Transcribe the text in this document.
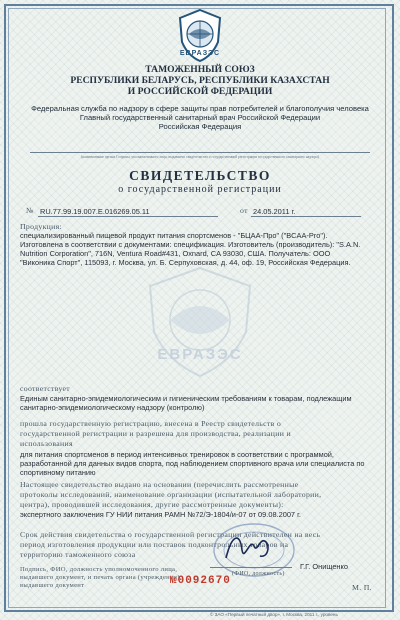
ЕВРАЗЭС
ТАМОЖЕННЫЙ СОЮЗ
РЕСПУБЛИКИ БЕЛАРУСЬ, РЕСПУБЛИКИ КАЗАХСТАН
И РОССИЙСКОЙ ФЕДЕРАЦИИ
Федеральная служба по надзору в сфере защиты прав потребителей и благополучия человека
Главный государственный санитарный врач Российской Федерации
Российская Федерация
(наименование органа Стороны, уполномоченного лица, выдавшего свидетельство о государственной регистрации государственного санитарного надзора)
СВИДЕТЕЛЬСТВО
о государственной регистрации
№ RU.77.99.19.007.Е.016269.05.11	от 24.05.2011 г.
Продукция:
специализированный пищевой продукт питания спортсменов - "БЦАА-Про" ("BCAA-Pro").
Изготовлена в соответствии с документами: спецификация. Изготовитель (производитель): "S.A.N.
Nutrition Corporation", 716N, Ventura Road#431, Oxnard, CA 93030, США. Получатель: ООО
"Виконика Спорт", 115093, г. Москва, ул. Б. Серпуховская, д. 44, оф. 19, Российская Федерация.
ЕВРАЗЭС
соответствует
Единым санитарно-эпидемиологическим и гигиеническим требованиям к товарам, подлежащим
санитарно-эпидемиологическому надзору (контролю)
прошла государственную регистрацию, внесена в Реестр свидетельств о
государственной регистрации и разрешена для производства, реализации и
использования
для питания спортсменов в период интенсивных тренировок в соответствии с программой,
разработанной для данных видов спорта, под наблюдением спортивного врача или специалиста по
спортивному питанию
Настоящее свидетельство выдано на основании (перечислить рассмотренные
протоколы исследований, наименование организации (испытательной лаборатории,
центра), проводившей исследования, другие рассмотренные документы):
экспертного заключения ГУ НИИ питания РАМН №72/Э-1804/и-07 от 09.08.2007 г.
Срок действия свидетельства о государственной регистрации действителен на весь
период изготовления продукции или поставок подконтрольных товаров на
территорию таможенного союза
Подпись, ФИО, должность уполномоченного лица,
выдавшего документ, и печать органа (учреждения),
выдавшего документ
(ФИО, должность)
Г.Г. Онищенко
М. П.
№0092670
© ЗАО «Первый печатный двор», г. Москва, 2011 г., уровень
